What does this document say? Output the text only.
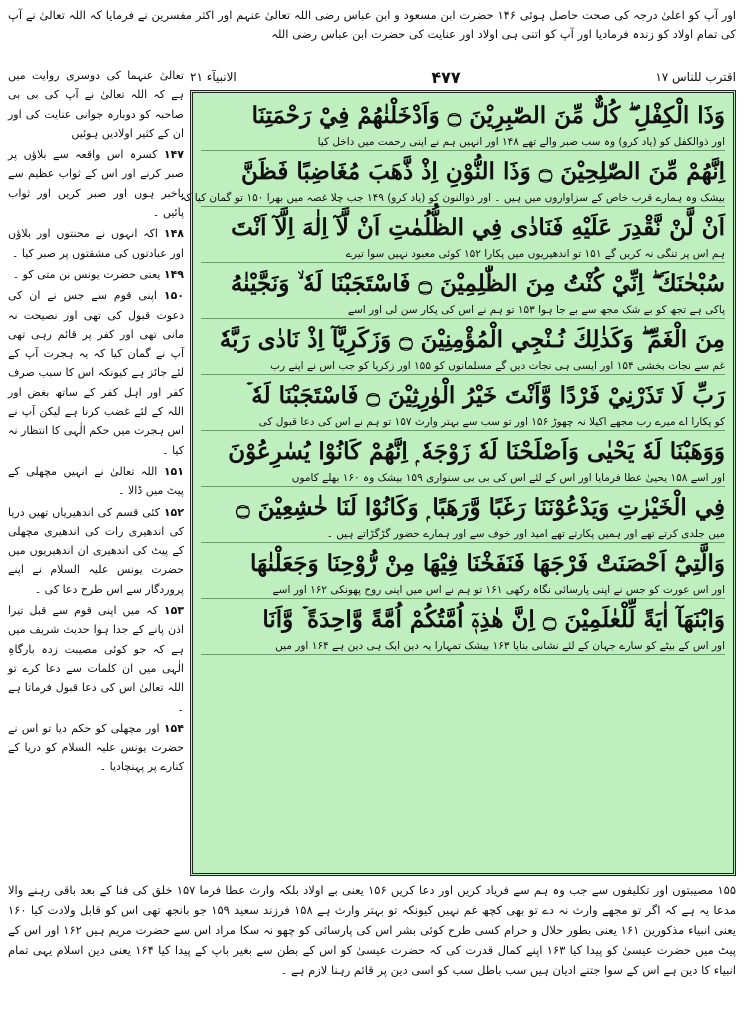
اور آپ کو اعلیٰ درجہ کی صحت حاصل ہوئی ۱۴۶ حضرت ابن مسعود و ابن عباس رضی اللہ تعالیٰ عنہم اور اکثر مفسرین نے فرمایا کہ اللہ تعالیٰ نے آپ کی تمام اولاد کو زندہ فرمادیا اور آپ کو اتنی ہی اولاد اور عنایت کی حضرت ابن عباس رضی اللہ
اقترب للناس ۱۷
۴۷۷
الانبیآء ۲۱

تعالیٰ عنہما کی دوسری روایت میں ہے کہ اللہ تعالیٰ نے آپ کی بی بی صاحبہ کو دوبارہ جوانی عنایت کی اور ان کے کثیر اولادیں ہوئیں

۱۴۷ کسرہ اس واقعہ سے بلاؤں پر صبر کرنے اور اس کے ثواب عظیم سے باخبر ہوں اور صبر کریں اور ثواب پائیں ۔

۱۴۸ اکہ انہوں نے محنتوں اور بلاؤں اور عبادتوں کی مشقتوں پر صبر کیا ۔

۱۴۹ یعنی حضرت یونس بن متی کو ۔

۱۵۰ اپنی قوم سے جس نے ان کی دعوت قبول کی تھی اور نصیحت نہ مانی تھی اور کفر پر قائم رہی تھی آپ نے گمان کیا کہ یہ ہجرت آپ کے لئے جائز ہے کیونکہ اس کا سبب صرف کفر اور اہل کفر کے ساتھ بغض اور اللہ کے لئے غضب کرنا ہے لیکن آپ نے اس ہجرت میں حکم الٰہی کا انتظار نہ کیا ۔

۱۵۱ اللہ تعالیٰ نے انہیں مچھلی کے پیٹ میں ڈالا ۔

۱۵۲ کئی قسم کی اندھیریاں تھیں دریا کی اندھیری رات کی اندھیری مچھلی کے پیٹ کی اندھیری ان اندھیریوں میں حضرت یونس علیہ السلام نے اپنے پروردگار سے اس طرح دعا کی ۔

۱۵۳ کہ میں اپنی قوم سے قبل تیرا اذن پانے کے جدا ہوا حدیث شریف میں ہے کہ جو کوئی مصیبت زدہ بارگاہِ الٰہی میں ان کلمات سے دعا کرے تو اللہ تعالیٰ اس کی دعا قبول فرماتا ہے ۔

۱۵۴ اور مچھلی کو حکم دیا تو اس نے حضرت یونس علیہ السلام کو دریا کے کنارے پر پہنچادیا ۔

وَذَا الْكِفْلِ ۖ كُلٌّ مِّنَ الصّٰبِرِيْنَ ۝ وَاَدْخَلْنٰهُمْ فِيْ رَحْمَتِنَا
اور ذوالکفل کو (یاد کرو) وہ سب صبر والے تھے ۱۴۸ اور انہیں ہم نے اپنی رحمت میں داخل کیا
اِنَّهُمْ مِّنَ الصّٰلِحِيْنَ ۝ وَذَا النُّوْنِ اِذْ ذَّهَبَ مُغَاضِبًا فَظَنَّ
بیشک وہ ہمارے قرب خاص کے سزاواروں میں ہیں ۔ اور ذوالنون کو (یاد کرو) ۱۴۹ جب چلا غصہ میں بھرا ۱۵۰ تو گمان کیا کہ
اَنْ لَّنْ نَّقْدِرَ عَلَيْهِ فَنَادٰى فِي الظُّلُمٰتِ اَنْ لَّآ اِلٰهَ اِلَّآ اَنْتَ
ہم اس پر تنگی نہ کریں گے ۱۵۱ تو اندھیریوں میں پکارا ۱۵۲ کوئی معبود نہیں سوا تیرے
سُبْحٰنَكَ ۖ اِنِّيْ كُنْتُ مِنَ الظّٰلِمِيْنَ ۝ فَاسْتَجَبْنَا لَهٗ ۙ وَنَجَّيْنٰهُ
پاکی ہے تجھ کو بے شک مجھ سے بے جا ہوا ۱۵۳ تو ہم نے اس کی پکار سن لی اور اسے
مِنَ الْغَمِّ ۖ وَكَذٰلِكَ نُـنْجِي الْمُؤْمِنِيْنَ ۝ وَزَكَرِيَّآ اِذْ نَادٰى رَبَّهٗ
غم سے نجات بخشی ۱۵۴ اور ایسی ہی نجات دیں گے مسلمانوں کو ۱۵۵ اور زکریا کو جب اس نے اپنے رب
رَبِّ لَا تَذَرْنِيْ فَرْدًا وَّاَنْتَ خَيْرُ الْوٰرِثِيْنَ ۝ فَاسْتَجَبْنَا لَهٗ ۡ
کو پکارا اے میرے رب مجھے اکیلا نہ چھوڑ ۱۵۶ اور تو سب سے بہتر وارث ۱۵۷ تو ہم نے اس کی دعا قبول کی
وَوَهَبْنَا لَهٗ يَحْيٰى وَاَصْلَحْنَا لَهٗ زَوْجَهٗ ۭ اِنَّهُمْ كَانُوْا يُسٰرِعُوْنَ
اور اسے ۱۵۸ یحییٰ عطا فرمایا اور اس کے لئے اس کی بی بی سنواری ۱۵۹ بیشک وہ ۱۶۰ بھلے کاموں
فِي الْخَيْرٰتِ وَيَدْعُوْنَنَا رَغَبًا وَّرَهَبًا ۭ وَكَانُوْا لَنَا خٰشِعِيْنَ ۝
میں جلدی کرتے تھے اور ہمیں پکارتے تھے امید اور خوف سے اور ہمارے حضور گڑگڑاتے ہیں ۔
وَالَّتِيْٓ اَحْصَنَتْ فَرْجَهَا فَنَفَخْنَا فِيْهَا مِنْ رُّوْحِنَا وَجَعَلْنٰهَا
اور اس عورت کو جس نے اپنی پارسائی نگاہ رکھی ۱۶۱ تو ہم نے اس میں اپنی روح پھونکی ۱۶۲ اور اسے
وَابْنَهَآ اٰيَةً لِّلْعٰلَمِيْنَ ۝ اِنَّ هٰذِهٖٓ اُمَّتُكُمْ اُمَّةً وَّاحِدَةً ۡ وَّاَنَا
اور اس کے بیٹے کو سارے جہان کے لئے نشانی بنایا ۱۶۳ بیشک تمہارا یہ دین ایک ہی دین ہے ۱۶۴ اور میں
۱۵۵ مصیبتوں اور تکلیفوں سے جب وہ ہم سے فریاد کریں اور دعا کریں ۱۵۶ یعنی بے اولاد بلکہ وارث عطا فرما ۱۵۷ خلق کی فنا کے بعد باقی رہنے والا مدعا یہ ہے کہ اگر تو مجھے وارث نہ دے تو بھی کچھ غم نہیں کیونکہ تو بہتر وارث ہے ۱۵۸ فرزند سعید ۱۵۹ جو بانجھ تھی اس کو قابل ولادت کیا ۱۶۰ یعنی انبیاء مذکورین ۱۶۱ یعنی بطور حلال و حرام کسی طرح کوئی بشر اس کی پارسائی کو چھو نہ سکا مراد اس سے حضرت مریم ہیں ۱۶۲ اور اس کے پیٹ میں حضرت عیسیٰ کو پیدا کیا ۱۶۳ اپنے کمال قدرت کی کہ حضرت عیسیٰ کو اس کے بطن سے بغیر باپ کے پیدا کیا ۱۶۴ یعنی دین اسلام یہی تمام انبیاء کا دین ہے اس کے سوا جتنے ادیان ہیں سب باطل سب کو اسی دین پر قائم رہنا لازم ہے ۔
